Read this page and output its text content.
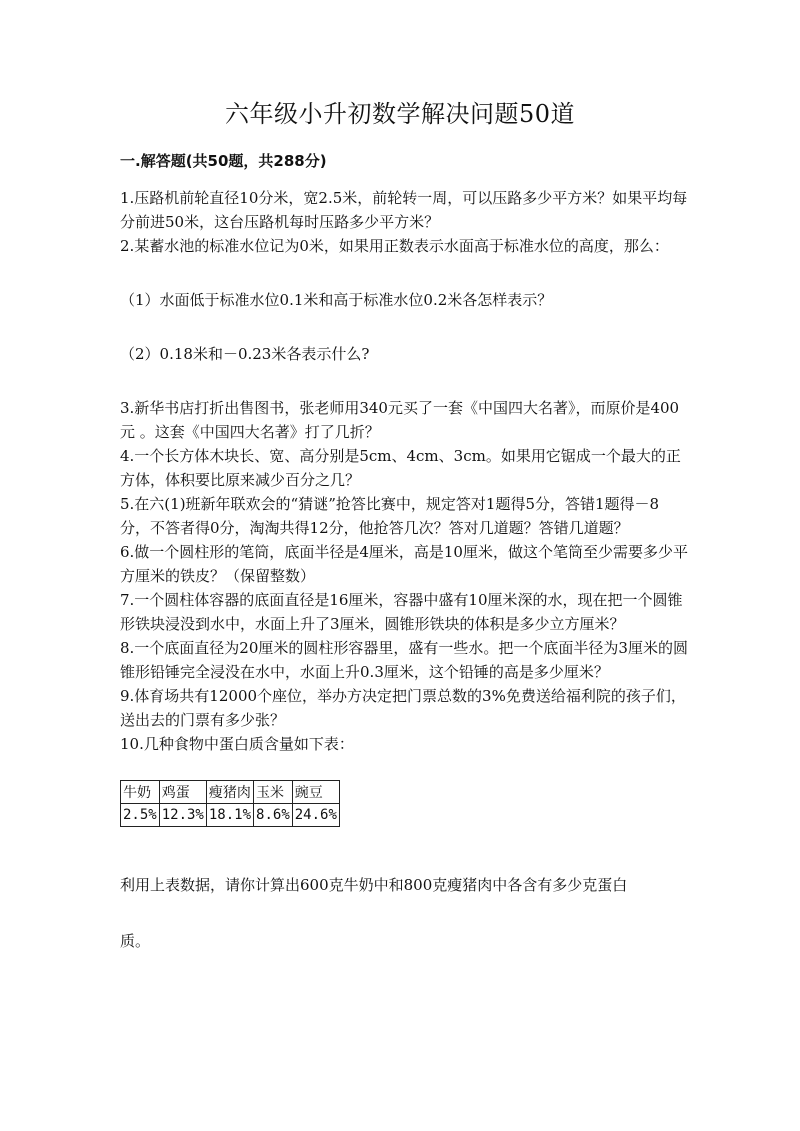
六年级小升初数学解决问题50道
一.解答题(共50题，共288分)

1.压路机前轮直径10分米，宽2.5米，前轮转一周，可以压路多少平方米？如果平均每分前进50米，这台压路机每时压路多少平方米？

2.某蓄水池的标准水位记为0米，如果用正数表示水面高于标准水位的高度，那么：

（1）水面低于标准水位0.1米和高于标准水位0.2米各怎样表示？

（2）0.18米和－0.23米各表示什么?

3.新华书店打折出售图书，张老师用340元买了一套《中国四大名著》，而原价是400元 。这套《中国四大名著》打了几折？

4.一个长方体木块长、宽、高分别是5cm、4cm、3cm。如果用它锯成一个最大的正方体，体积要比原来减少百分之几？

5.在六(1)班新年联欢会的“猜谜”抢答比赛中，规定答对1题得5分，答错1题得－8分，不答者得0分，淘淘共得12分，他抢答几次？答对几道题？答错几道题？

6.做一个圆柱形的笔筒，底面半径是4厘米，高是10厘米，做这个笔筒至少需要多少平方厘米的铁皮？（保留整数）

7.一个圆柱体容器的底面直径是16厘米，容器中盛有10厘米深的水，现在把一个圆锥形铁块浸没到水中，水面上升了3厘米，圆锥形铁块的体积是多少立方厘米？

8.一个底面直径为20厘米的圆柱形容器里，盛有一些水。把一个底面半径为3厘米的圆锥形铅锤完全浸没在水中，水面上升0.3厘米，这个铅锤的高是多少厘米？

9.体育场共有12000个座位，举办方决定把门票总数的3%免费送给福利院的孩子们，送出去的门票有多少张？

10.几种食物中蛋白质含量如下表：

牛奶	鸡蛋	瘦猪肉	玉米	豌豆
2.5%	12.3%	18.1%	8.6%	24.6%
利用上表数据，请你计算出600克牛奶中和800克瘦猪肉中各含有多少克蛋白
质。
